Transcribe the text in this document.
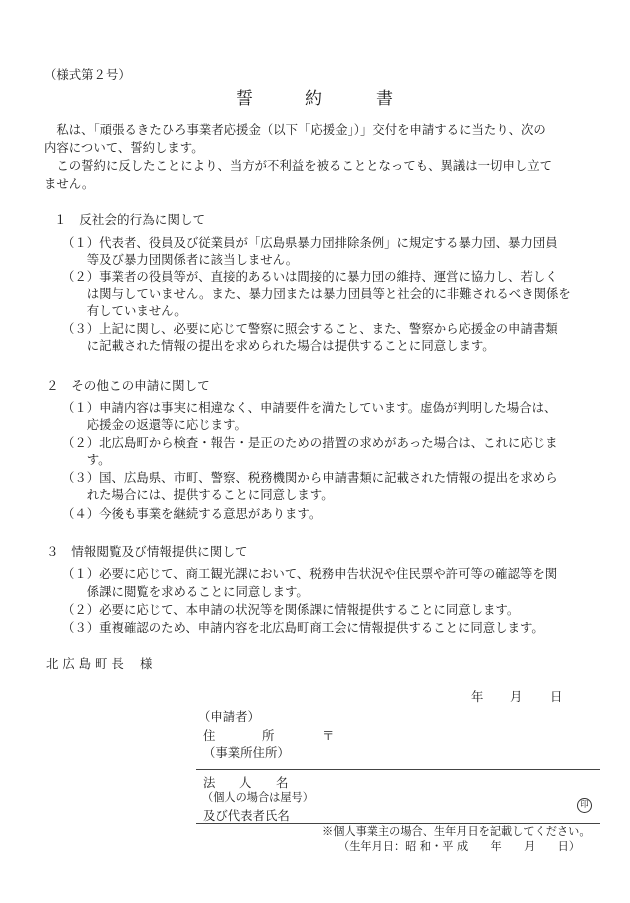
（様式第２号）
誓	約	書
　私は、「頑張るきたひろ事業者応援金（以下「応援金」）」交付を申請するに当たり、次の
内容について、誓約します。
　この誓約に反したことにより、当方が不利益を被ることとなっても、異議は一切申し立て
ません。
１　反社会的行為に関して
（１）代表者、役員及び従業員が「広島県暴力団排除条例」に規定する暴力団、暴力団員
　　等及び暴力団関係者に該当しません。
（２）事業者の役員等が、直接的あるいは間接的に暴力団の維持、運営に協力し、若しく
　　は関与していません。また、暴力団または暴力団員等と社会的に非難されるべき関係を
　　有していません。
（３）上記に関し、必要に応じて警察に照会すること、また、警察から応援金の申請書類
　　に記載された情報の提出を求められた場合は提供することに同意します。
２　その他この申請に関して
（１）申請内容は事実に相違なく、申請要件を満たしています。虚偽が判明した場合は、
　　応援金の返還等に応じます。
（２）北広島町から検査・報告・是正のための措置の求めがあった場合は、これに応じま
　　す。
（３）国、広島県、市町、警察、税務機関から申請書類に記載された情報の提出を求めら
　　れた場合には、提供することに同意します。
（４）今後も事業を継続する意思があります。
３　情報閲覧及び情報提供に関して
（１）必要に応じて、商工観光課において、税務申告状況や住民票や許可等の確認等を関
　　係課に閲覧を求めることに同意します。
（２）必要に応じて、本申請の状況等を関係課に情報提供することに同意します。
（３）重複確認のため、申請内容を北広島町商工会に情報提供することに同意します。
北 広 島 町 長　 様
年 月 日
（申請者）
住	所	〒
（事業所住所）
法 人 名
（個人の場合は屋号）
及び代表者氏名
印
※個人事業主の場合、生年月日を記載してください。
（生年月日：昭 和・平 成　　年　　月　　日）
